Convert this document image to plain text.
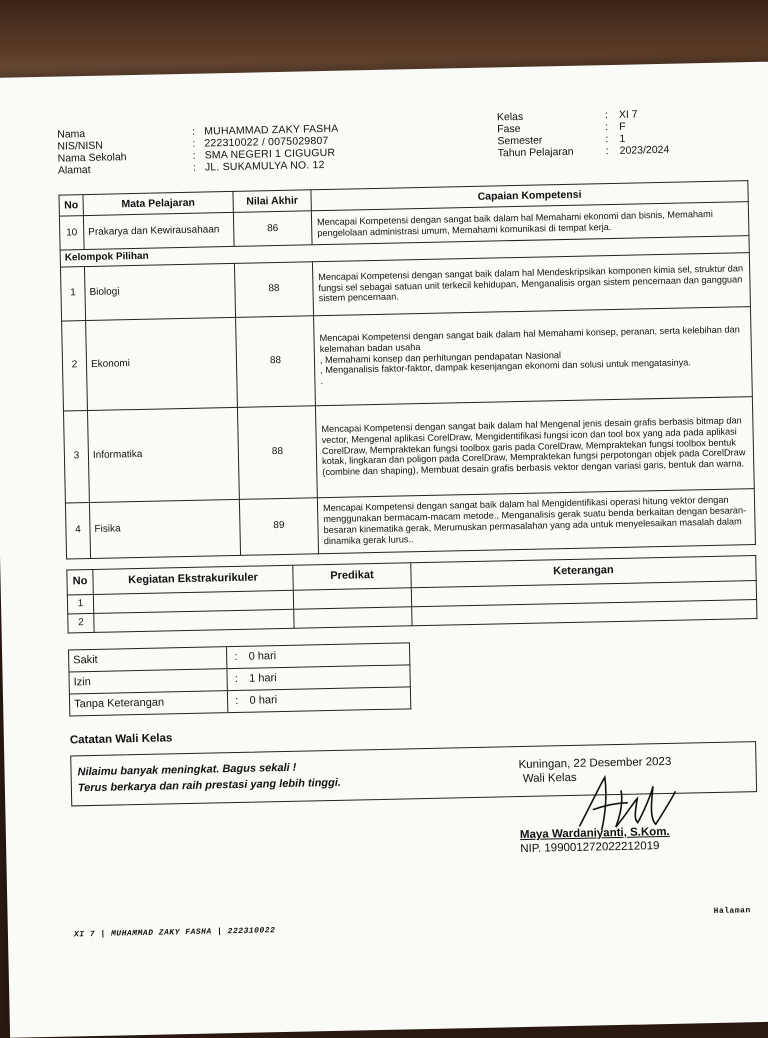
Nama	: MUHAMMAD ZAKY FASHA
NIS/NISN	: 222310022 / 0075029807
Nama Sekolah	: SMA NEGERI 1 CIGUGUR
Alamat	: JL. SUKAMULYA NO. 12
Kelas	:	XI 7
Fase	:	F
Semester	:	1
Tahun Pelajaran	:	2023/2024
No	Mata Pelajaran	Nilai Akhir	Capaian Kompetensi
10	Prakarya dan Kewirausahaan	86	Mencapai Kompetensi dengan sangat baik dalam hal Memahami ekonomi dan bisnis, Memahami pengelolaan administrasi umum, Memahami komunikasi di tempat kerja.
Kelompok Pilihan			
1	Biologi	88	Mencapai Kompetensi dengan sangat baik dalam hal Mendeskripsikan komponen kimia sel, struktur dan fungsi sel sebagai satuan unit terkecil kehidupan, Menganalisis organ sistem pencernaan dan gangguan sistem pencernaan.
2	Ekonomi	88	Mencapai Kompetensi dengan sangat baik dalam hal Memahami konsep, peranan, serta kelebihan dan kelemahan badan usaha
, Memahami konsep dan perhitungan pendapatan Nasional
, Menganalisis faktor-faktor, dampak kesenjangan ekonomi dan solusi untuk mengatasinya.
.
3	Informatika	88	Mencapai Kompetensi dengan sangat baik dalam hal Mengenal jenis desain grafis berbasis bitmap dan vector, Mengenal aplikasi CorelDraw, Mengidentifikasi fungsi icon dan tool box yang ada pada aplikasi CorelDraw, Mempraktekan fungsi toolbox garis pada CorelDraw, Mempraktekan fungsi toolbox bentuk kotak, lingkaran dan poligon pada CorelDraw, Mempraktekan fungsi perpotongan objek pada CorelDraw (combine dan shaping), Membuat desain grafis berbasis vektor dengan variasi garis, bentuk dan warna.
4	Fisika	89	Mencapai Kompetensi dengan sangat baik dalam hal Mengidentifikasi operasi hitung vektor dengan menggunakan bermacam-macam metode., Menganalisis gerak suatu benda berkaitan dengan besaran-besaran kinematika gerak, Merumuskan permasalahan yang ada untuk menyelesaikan masalah dalam dinamika gerak lurus..
No	Kegiatan Ekstrakurikuler	Predikat	Keterangan
1			
2			
Sakit	:	0 hari
Izin	:	1 hari
Tanpa Keterangan	:	0 hari
Catatan Wali Kelas
Nilaimu banyak meningkat. Bagus sekali !
Terus berkarya dan raih prestasi yang lebih tinggi.
Kuningan, 22 Desember 2023
Wali Kelas
Maya Wardaniyanti, S.Kom.
NIP. 199001272022212019
XI 7 | MUHAMMAD ZAKY FASHA | 222310022
Halaman
